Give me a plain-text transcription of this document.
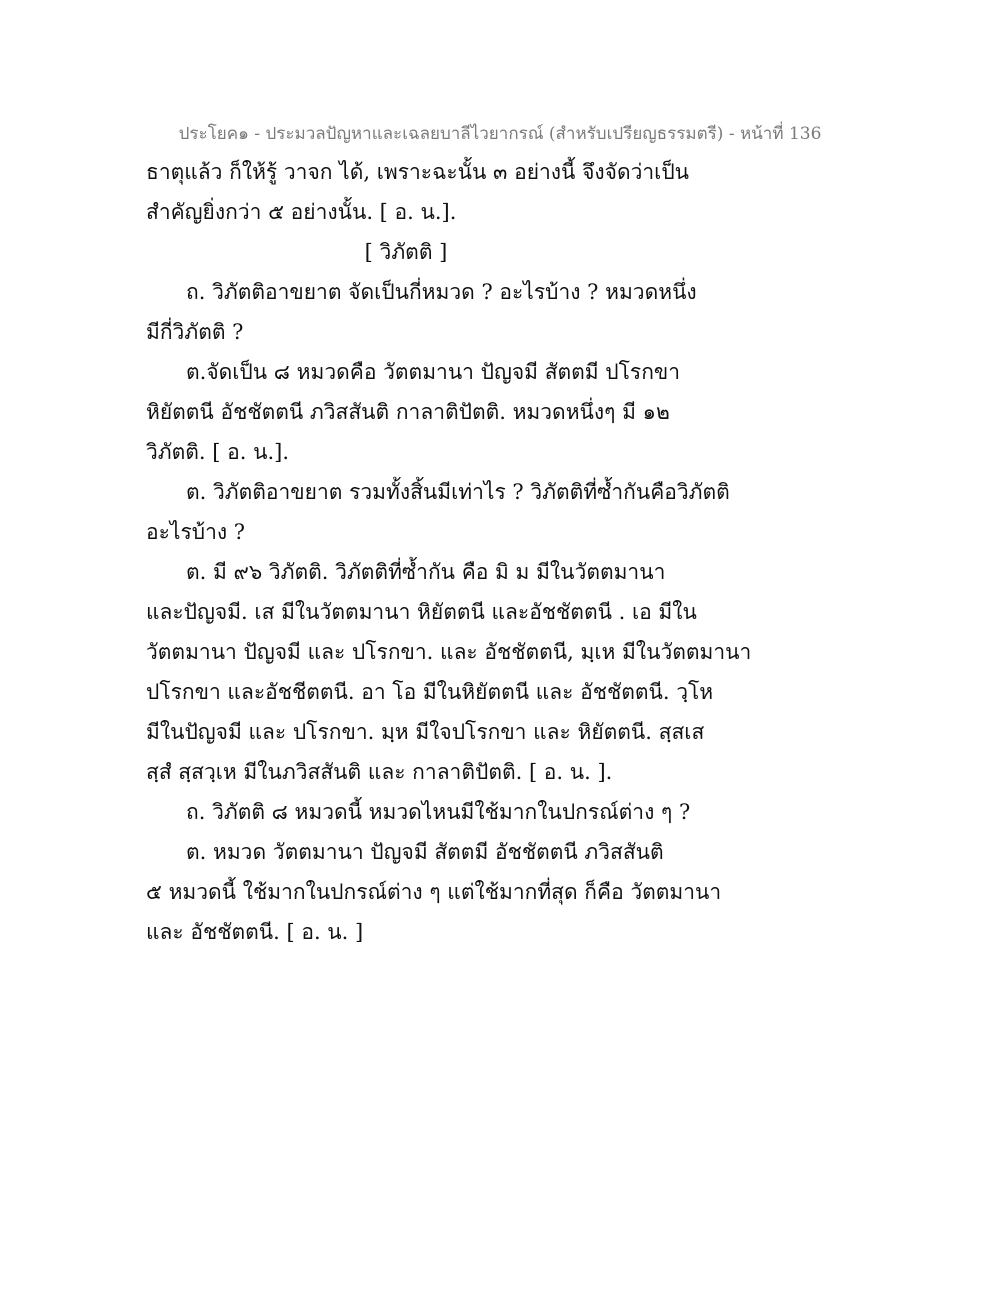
ประโยค๑ - ประมวลปัญหาและเฉลยบาลีไวยากรณ์ (สำหรับเปรียญธรรมตรี) - หน้าที่ 136
ธาตุแล้ว ก็ให้รู้ วาจก ได้, เพราะฉะนั้น ๓ อย่างนี้ จึงจัดว่าเป็น
สำคัญยิ่งกว่า ๕ อย่างนั้น. [ อ. น.].
[ วิภัตติ ]
ถ. วิภัตติอาขยาต จัดเป็นกี่หมวด ? อะไรบ้าง ? หมวดหนึ่ง
มีกี่วิภัตติ ?
ต.จัดเป็น ๘ หมวดคือ วัตตมานา ปัญจมี สัตตมี ปโรกขา
หิยัตตนี อัชชัตตนี ภวิสสันติ กาลาติปัตติ. หมวดหนึ่งๆ มี ๑๒
วิภัตติ. [ อ. น.].
ต. วิภัตติอาขยาต รวมทั้งสิ้นมีเท่าไร ? วิภัตติที่ซ้ำกันคือวิภัตติ
อะไรบ้าง ?
ต. มี ๙๖ วิภัตติ. วิภัตติที่ซ้ำกัน คือ มิ ม มีในวัตตมานา
และปัญจมี. เส มีในวัตตมานา หิยัตตนี และอัชชัตตนี . เอ มีใน
วัตตมานา ปัญจมี และ ปโรกขา. และ อัชชัตตนี, มฺเห มีในวัตตมานา
ปโรกขา และอัชชีตตนี. อา โอ มีในหิยัตตนี และ อัชชัตตนี. วฺโห
มีในปัญจมี และ ปโรกขา. มฺห มีใจปโรกขา และ หิยัตตนี. สฺสเส
สฺสํ สฺสวฺเห มีในภวิสสันติ และ กาลาติปัตติ. [ อ. น. ].
ถ. วิภัตติ ๘ หมวดนี้ หมวดไหนมีใช้มากในปกรณ์ต่าง ๆ ?
ต. หมวด วัตตมานา ปัญจมี สัตตมี อัชชัตตนี ภวิสสันติ
๕ หมวดนี้ ใช้มากในปกรณ์ต่าง ๆ แต่ใช้มากที่สุด ก็คือ วัตตมานา
และ อัชชัตตนี. [ อ. น. ]
